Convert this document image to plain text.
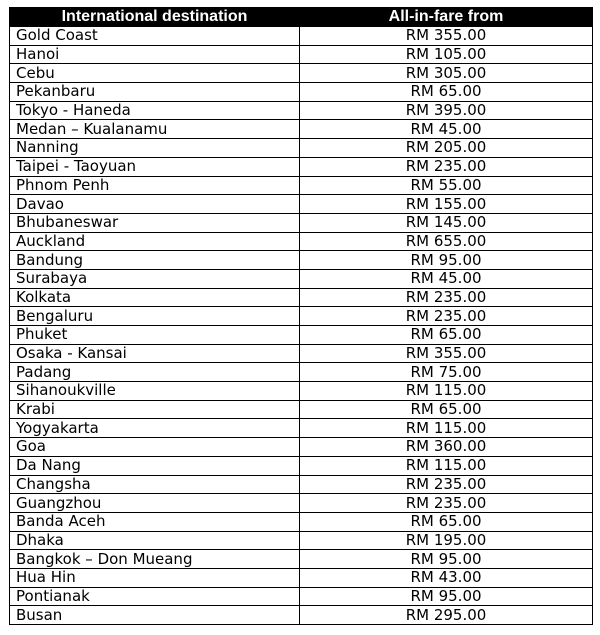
International destination	All-in-fare from
Gold Coast	RM 355.00
Hanoi	RM 105.00
Cebu	RM 305.00
Pekanbaru	RM 65.00
Tokyo - Haneda	RM 395.00
Medan – Kualanamu	RM 45.00
Nanning	RM 205.00
Taipei - Taoyuan	RM 235.00
Phnom Penh	RM 55.00
Davao	RM 155.00
Bhubaneswar	RM 145.00
Auckland	RM 655.00
Bandung	RM 95.00
Surabaya	RM 45.00
Kolkata	RM 235.00
Bengaluru	RM 235.00
Phuket	RM 65.00
Osaka - Kansai	RM 355.00
Padang	RM 75.00
Sihanoukville	RM 115.00
Krabi	RM 65.00
Yogyakarta	RM 115.00
Goa	RM 360.00
Da Nang	RM 115.00
Changsha	RM 235.00
Guangzhou	RM 235.00
Banda Aceh	RM 65.00
Dhaka	RM 195.00
Bangkok – Don Mueang	RM 95.00
Hua Hin	RM 43.00
Pontianak	RM 95.00
Busan	RM 295.00
